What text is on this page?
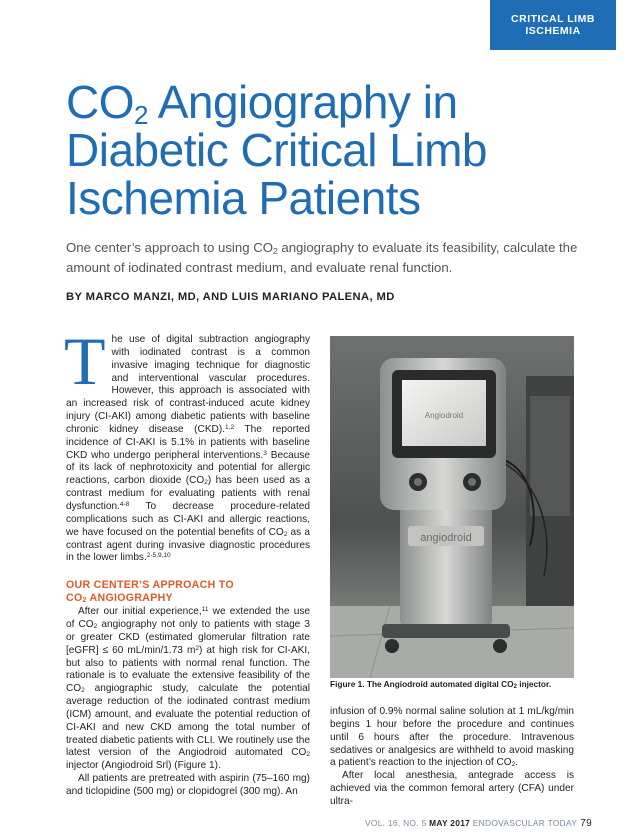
CRITICAL LIMB
ISCHEMIA
$CO_2$ Angiography in Diabetic Critical Limb Ischemia Patients

One center’s approach to using $CO_2$ angiography to evaluate its feasibility, calculate the amount of iodinated contrast medium, and evaluate renal function.

BY MARCO MANZI, MD, AND LUIS MARIANO PALENA, MD

The use of digital subtraction angiography with iodinated contrast is a common invasive imaging technique for diagnostic and interventional vascular procedures. However, this approach is associated with an increased risk of contrast-induced acute kidney injury (CI-AKI) among diabetic patients with baseline chronic kidney disease (CKD).$^{1,2}$ The reported incidence of CI-AKI is 5.1% in patients with baseline CKD who undergo peripheral interventions.$^3$ Because of its lack of nephrotoxicity and potential for allergic reactions, carbon dioxide $(CO_2)$ has been used as a contrast medium for evaluating patients with renal dysfunction.$^{4-8}$ To decrease procedure-related complications such as CI-AKI and allergic reactions, we have focused on the potential benefits of $CO_2$ as a contrast agent during invasive diagnostic procedures in the lower limbs.$^{2-5,9,10}$

OUR CENTER’S APPROACH TO
$CO_2$ ANGIOGRAPHY

After our initial experience,$^{11}$ we extended the use of $CO_2$ angiography not only to patients with stage 3 or greater CKD (estimated glomerular filtration rate [eGFR] ≤ 60 mL/min/1.73 $m^2$) at high risk for CI-AKI, but also to patients with normal renal function. The rationale is to evaluate the extensive feasibility of the $CO_2$ angiographic study, calculate the potential average reduction of the iodinated contrast medium (ICM) amount, and evaluate the potential reduction of CI-AKI and new CKD among the total number of treated diabetic patients with CLI. We routinely use the latest version of the Angiodroid automated $CO_2$ injector (Angiodroid Srl) (Figure 1).

All patients are pretreated with aspirin (75–160 mg) and ticlopidine (500 mg) or clopidogrel (300 mg). An

angiodroid
Angiodroid

Figure 1. The Angiodroid automated digital $CO_2$ injector.

infusion of 0.9% normal saline solution at 1 mL/kg/min begins 1 hour before the procedure and continues until 6 hours after the procedure. Intravenous sedatives or analgesics are withheld to avoid masking a patient’s reaction to the injection of $CO_2$.

After local anesthesia, antegrade access is achieved via the common femoral artery (CFA) under ultra-

VOL. 16, NO. 5 MAY 2017 ENDOVASCULAR TODAY 79
